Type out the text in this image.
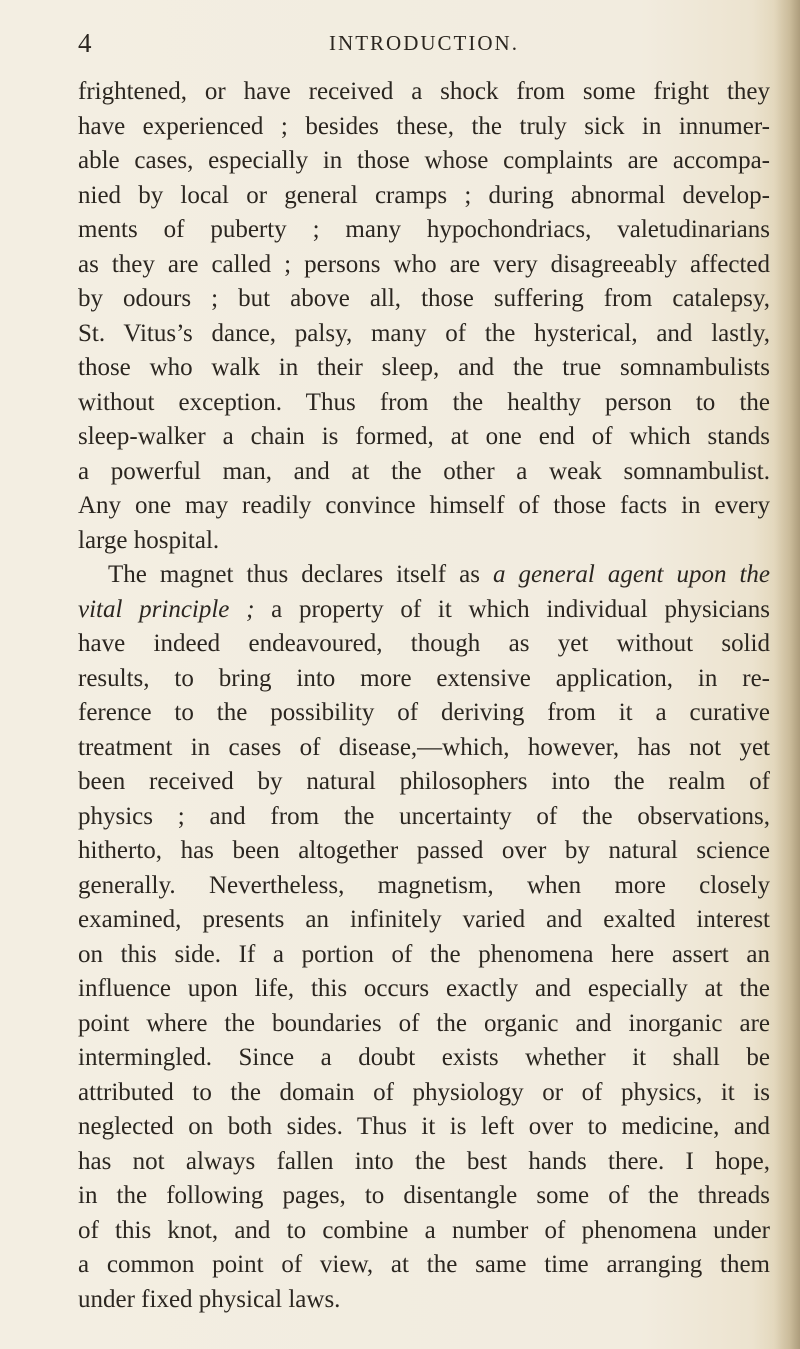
4	INTRODUCTION.
frightened, or have received a shock from some fright they
have experienced ; besides these, the truly sick in innumer-
able cases, especially in those whose complaints are accompa-
nied by local or general cramps ; during abnormal develop-
ments of puberty ; many hypochondriacs, valetudinarians
as they are called ; persons who are very disagreeably affected
by odours ; but above all, those suffering from catalepsy,
St. Vitus’s dance, palsy, many of the hysterical, and lastly,
those who walk in their sleep, and the true somnambulists
without exception. Thus from the healthy person to the
sleep-walker a chain is formed, at one end of which stands
a powerful man, and at the other a weak somnambulist.
Any one may readily convince himself of those facts in every
large hospital.
The magnet thus declares itself as a general agent upon the
vital principle ; a property of it which individual physicians
have indeed endeavoured, though as yet without solid
results, to bring into more extensive application, in re-
ference to the possibility of deriving from it a curative
treatment in cases of disease,—which, however, has not yet
been received by natural philosophers into the realm of
physics ; and from the uncertainty of the observations,
hitherto, has been altogether passed over by natural science
generally. Nevertheless, magnetism, when more closely
examined, presents an infinitely varied and exalted interest
on this side. If a portion of the phenomena here assert an
influence upon life, this occurs exactly and especially at the
point where the boundaries of the organic and inorganic are
intermingled. Since a doubt exists whether it shall be
attributed to the domain of physiology or of physics, it is
neglected on both sides. Thus it is left over to medicine, and
has not always fallen into the best hands there. I hope,
in the following pages, to disentangle some of the threads
of this knot, and to combine a number of phenomena under
a common point of view, at the same time arranging them
under fixed physical laws.
